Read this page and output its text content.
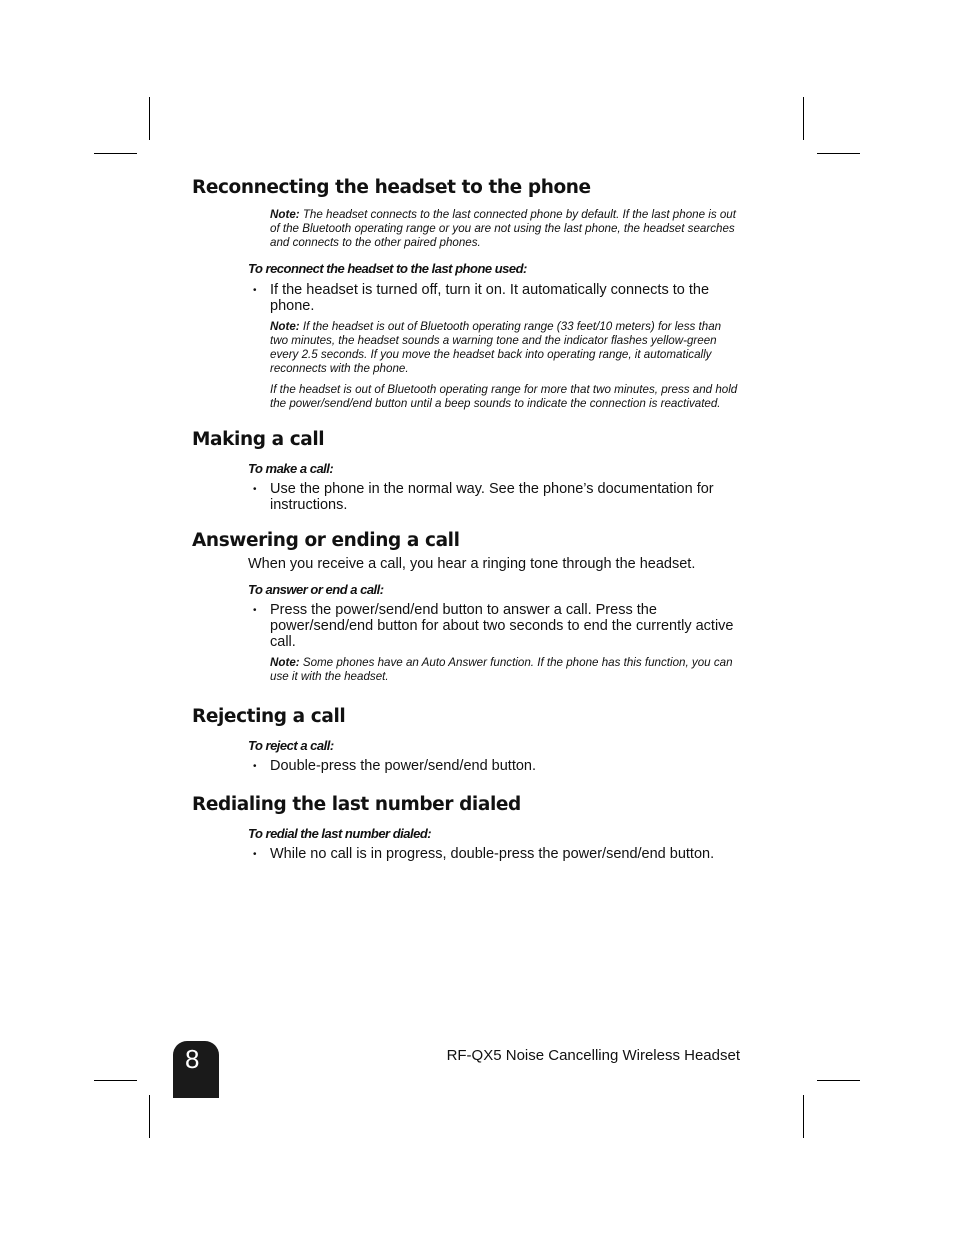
Reconnecting the headset to the phone

Note: The headset connects to the last connected phone by default. If the last phone is out of the Bluetooth operating range or you are not using the last phone, the headset searches and connects to the other paired phones.

To reconnect the headset to the last phone used:

• If the headset is turned off, turn it on. It automatically connects to the phone.

Note: If the headset is out of Bluetooth operating range (33 feet/10 meters) for less than two minutes, the headset sounds a warning tone and the indicator flashes yellow-green every 2.5 seconds. If you move the headset back into operating range, it automatically reconnects with the phone.

If the headset is out of Bluetooth operating range for more that two minutes, press and hold the power/send/end button until a beep sounds to indicate the connection is reactivated.

Making a call

To make a call:

• Use the phone in the normal way. See the phone’s documentation for instructions.
Answering or ending a call

When you receive a call, you hear a ringing tone through the headset.

To answer or end a call:

• Press the power/send/end button to answer a call. Press the power/send/end button for about two seconds to end the currently active call.

Note: Some phones have an Auto Answer function. If the phone has this function, you can use it with the headset.

Rejecting a call

To reject a call:

• Double-press the power/send/end button.
Redialing the last number dialed

To redial the last number dialed:

• While no call is in progress, double-press the power/send/end button.
8	RF-QX5 Noise Cancelling Wireless Headset
